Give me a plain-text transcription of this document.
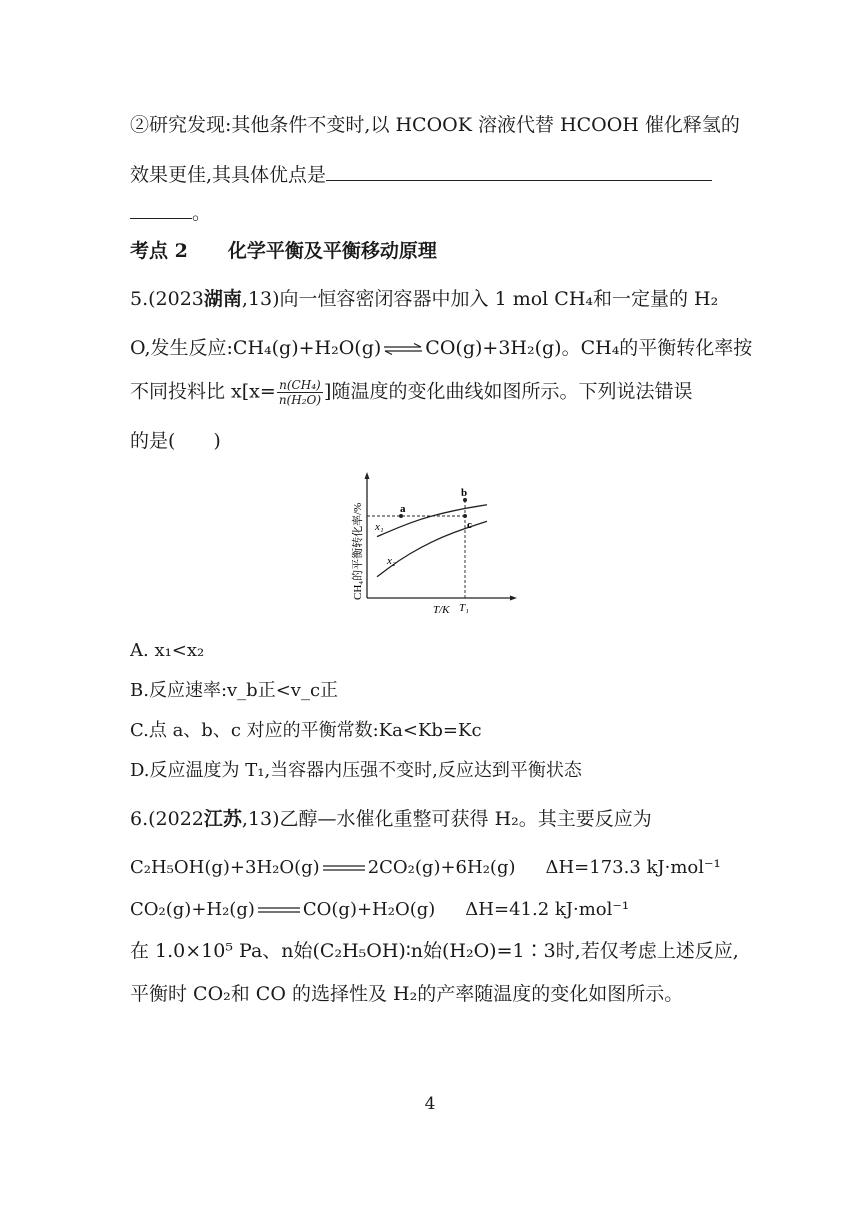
②研究发现:其他条件不变时,以 HCOOK 溶液代替 HCOOH 催化释氢的
效果更佳,其具体优点是
。
考点 2 化学平衡及平衡移动原理
5.(2023湖南,13)向一恒容密闭容器中加入 1 mol CH₄和一定量的 H₂
O,发生反应:CH₄(g)+H₂O(g) ⇌ CO(g)+3H₂(g)。CH₄的平衡转化率按
不同投料比 $x[x= \frac{\text{n(CH₄)}}{\text{n(H₂O)}}$ ]随温度的变化曲线如图所示。下列说法错误
的是(　　)
a
b
c
x₁
x₂
T/K T₁
CH₄的平衡转化率/%
A. x₁<x₂
B.反应速率:v_b正<v_c正
C.点 a、b、c 对应的平衡常数:Ka<Kb=Kc
D.反应温度为 T₁,当容器内压强不变时,反应达到平衡状态
6.(2022江苏,13)乙醇—水催化重整可获得 H₂。其主要反应为
C₂H₅OH(g)+3H₂O(g)	2CO₂(g)+6H₂(g) ΔH=173.3 kJ·mol⁻¹
CO₂(g)+H₂(g)	CO(g)+H₂O(g) ΔH=41.2 kJ·mol⁻¹
在 1.0×10⁵ Pa、n始(C₂H₅OH)∶n始(H₂O)=1∶3时,若仅考虑上述反应,
平衡时 CO₂和 CO 的选择性及 H₂的产率随温度的变化如图所示。
4
